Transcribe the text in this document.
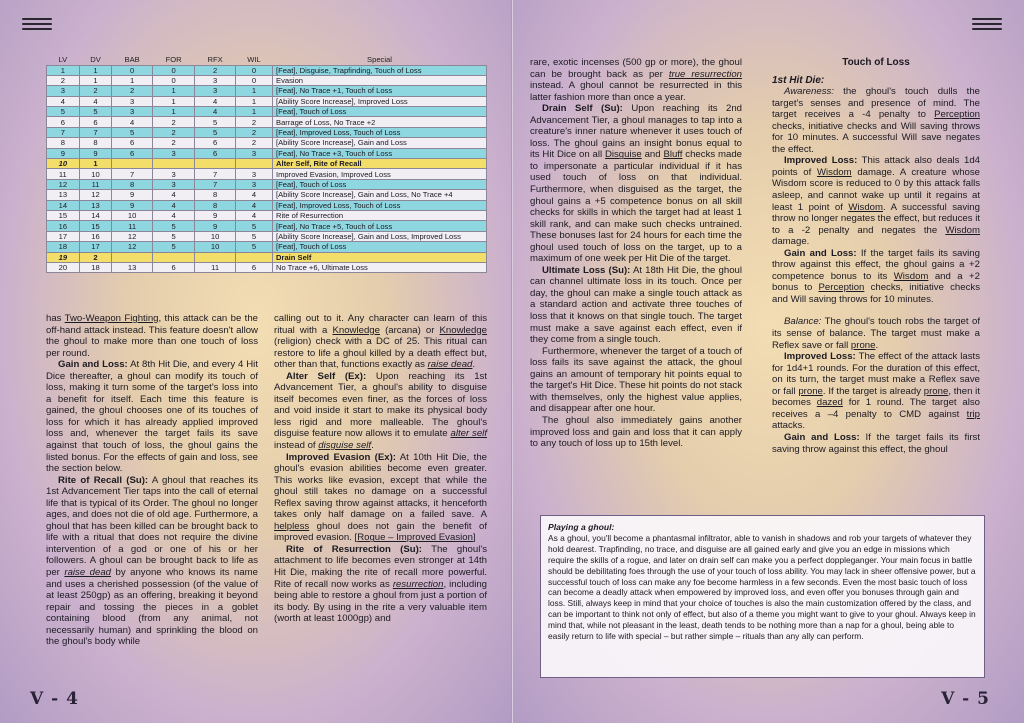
LV	DV	BAB	FOR	RFX	WIL	Special
1	1	0	0	2	0	[Feat], Disguise, Trapfinding, Touch of Loss
2	1	1	0	3	0	Evasion
3	2	2	1	3	1	[Feat], No Trace +1, Touch of Loss
4	4	3	1	4	1	[Ability Score Increase], Improved Loss
5	5	3	1	4	1	[Feat], Touch of Loss
6	6	4	2	5	2	Barrage of Loss, No Trace +2
7	7	5	2	5	2	[Feat], Improved Loss, Touch of Loss
8	8	6	2	6	2	[Ability Score Increase], Gain and Loss
9	9	6	3	6	3	[Feat], No Trace +3, Touch of Loss
10	1					Alter Self, Rite of Recall
11	10	7	3	7	3	Improved Evasion, Improved Loss
12	11	8	3	7	3	[Feat], Touch of Loss
13	12	9	4	8	4	[Ability Score Increase], Gain and Loss, No Trace +4
14	13	9	4	8	4	[Feat], Improved Loss, Touch of Loss
15	14	10	4	9	4	Rite of Resurrection
16	15	11	5	9	5	[Feat], No Trace +5, Touch of Loss
17	16	12	5	10	5	[Ability Score Increase], Gain and Loss, Improved Loss
18	17	12	5	10	5	[Feat], Touch of Loss
19	2					Drain Self
20	18	13	6	11	6	No Trace +6, Ultimate Loss

has Two-Weapon Fighting, this attack can be the off-hand attack instead. This feature doesn't allow the ghoul to make more than one touch of loss per round.

Gain and Loss: At 8th Hit Die, and every 4 Hit Dice thereafter, a ghoul can modify its touch of loss, making it turn some of the target's loss into a benefit for itself. Each time this feature is gained, the ghoul chooses one of its touches of loss for which it has already applied improved loss and, whenever the target fails its save against that touch of loss, the ghoul gains the listed bonus. For the effects of gain and loss, see the section below.

Rite of Recall (Su): A ghoul that reaches its 1st Advancement Tier taps into the call of eternal life that is typical of its Order. The ghoul no longer ages, and does not die of old age. Furthermore, a ghoul that has been killed can be brought back to life with a ritual that does not require the divine intervention of a god or one of his or her followers. A ghoul can be brought back to life as per raise dead by anyone who knows its name and uses a cherished possession (of the value of at least 250gp) as an offering, breaking it beyond repair and tossing the pieces in a goblet containing blood (from any animal, not necessarily human) and sprinkling the blood on the ghoul's body while

calling out to it. Any character can learn of this ritual with a Knowledge (arcana) or Knowledge (religion) check with a DC of 25. This ritual can restore to life a ghoul killed by a death effect but, other than that, functions exactly as raise dead.

Alter Self (Ex): Upon reaching its 1st Advancement Tier, a ghoul's ability to disguise itself becomes even finer, as the forces of loss and void inside it start to make its physical body less rigid and more malleable. The ghoul's disguise feature now allows it to emulate alter self instead of disguise self.

Improved Evasion (Ex): At 10th Hit Die, the ghoul's evasion abilities become even greater. This works like evasion, except that while the ghoul still takes no damage on a successful Reflex saving throw against attacks, it henceforth takes only half damage on a failed save. A helpless ghoul does not gain the benefit of improved evasion. [Rogue – Improved Evasion]

Rite of Resurrection (Su): The ghoul's attachment to life becomes even stronger at 14th Hit Die, making the rite of recall more powerful. Rite of recall now works as resurrection, including being able to restore a ghoul from just a portion of its body. By using in the rite a very valuable item (worth at least 1000gp) and

V - 4	V - 5

rare, exotic incenses (500 gp or more), the ghoul can be brought back as per true resurrection instead. A ghoul cannot be resurrected in this latter fashion more than once a year.

Drain Self (Su): Upon reaching its 2nd Advancement Tier, a ghoul manages to tap into a creature's inner nature whenever it uses touch of loss. The ghoul gains an insight bonus equal to its Hit Dice on all Disguise and Bluff checks made to impersonate a particular individual if it has used touch of loss on that individual. Furthermore, when disguised as the target, the ghoul gains a +5 competence bonus on all skill checks for skills in which the target had at least 1 skill rank, and can make such checks untrained. These bonuses last for 24 hours for each time the ghoul used touch of loss on the target, up to a maximum of one week per Hit Die of the target.

Ultimate Loss (Su): At 18th Hit Die, the ghoul can channel ultimate loss in its touch. Once per day, the ghoul can make a single touch attack as a standard action and activate three touches of loss that it knows on that single touch. The target must make a save against each effect, even if they come from a single touch.

Furthermore, whenever the target of a touch of loss fails its save against the attack, the ghoul gains an amount of temporary hit points equal to the target's Hit Dice. These hit points do not stack with themselves, only the highest value applies, and disappear after one hour.

The ghoul also immediately gains another improved loss and gain and loss that it can apply to any touch of loss up to 15th level.

Touch of Loss
1st Hit Die:

Awareness: the ghoul's touch dulls the target's senses and presence of mind. The target receives a -4 penalty to Perception checks, initiative checks and Will saving throws for 10 minutes. A successful Will save negates the effect.

Improved Loss: This attack also deals 1d4 points of Wisdom damage. A creature whose Wisdom score is reduced to 0 by this attack falls asleep, and cannot wake up until it regains at least 1 point of Wisdom. A successful saving throw no longer negates the effect, but reduces it to a -2 penalty and negates the Wisdom damage.

Gain and Loss: If the target fails its saving throw against this effect, the ghoul gains a +2 competence bonus to its Wisdom and a +2 bonus to Perception checks, initiative checks and Will saving throws for 10 minutes.

Balance: The ghoul's touch robs the target of its sense of balance. The target must make a Reflex save or fall prone.

Improved Loss: The effect of the attack lasts for 1d4+1 rounds. For the duration of this effect, on its turn, the target must make a Reflex save or fall prone. If the target is already prone, then it becomes dazed for 1 round. The target also receives a –4 penalty to CMD against trip attacks.

Gain and Loss: If the target fails its first saving throw against this effect, the ghoul

Playing a ghoul:
As a ghoul, you'll become a phantasmal infiltrator, able to vanish in shadows and rob your targets of whatever they hold dearest. Trapfinding, no trace, and disguise are all gained early and give you an edge in missions which require the skills of a rogue, and later on drain self can make you a perfect doppleganger. Your main focus in battle should be debilitating foes through the use of your touch of loss ability. You may lack in sheer offensive power, but a successful touch of loss can make any foe become harmless in a few seconds. Even the most basic touch of loss can become a deadly attack when empowered by improved loss, and even offer you bonuses through gain and loss. Still, always keep in mind that your choice of touches is also the main customization offered by the class, and can be important to think not only of effect, but also of a theme you might want to give to your ghoul. Always keep in mind that, while not pleasant in the least, death tends to be nothing more than a nap for a ghoul, being able to easily return to life with special – but rather simple – rituals than any ally can perform.
